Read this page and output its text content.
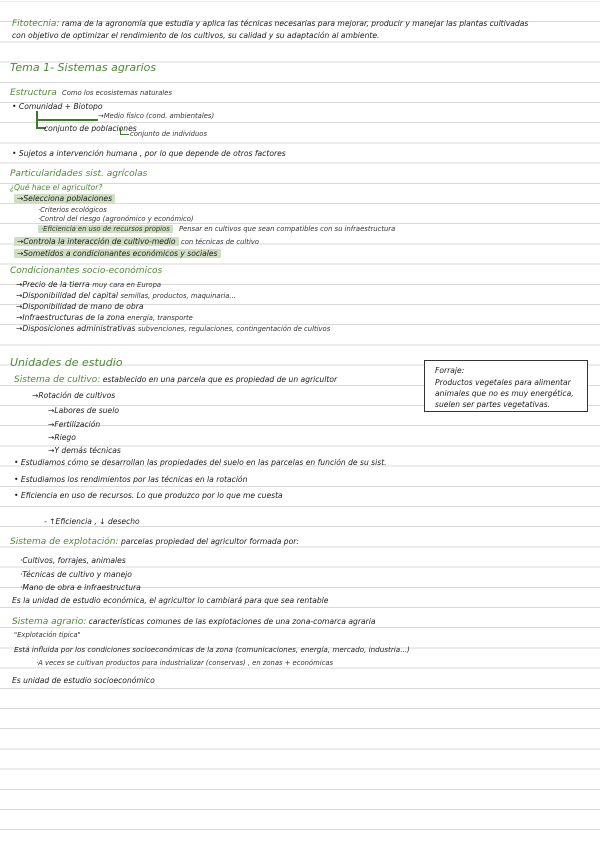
Fitotecnia: rama de la agronomía que estudia y aplica las técnicas necesarias para mejorar, producir y manejar las plantas cultivadas
con objetivo de optimizar el rendimiento de los cultivos, su calidad y su adaptación al ambiente.
Tema 1- Sistemas agrarios
Estructura Como los ecosistemas naturales
• Comunidad + Biotopo
→Medio físico (cond. ambientales)
conjunto de poblaciones
conjunto de individuos
• Sujetos a intervención humana , por lo que depende de otros factores
Particularidades sist. agrícolas
¿Qué hace el agricultor?
→Selecciona poblaciones
·Criterios ecológicos
·Control del riesgo (agronómico y económico)
·Eficiencia en uso de recursos propios Pensar en cultivos que sean compatibles con su infraestructura
→Controla la interacción de cultivo-medio con técnicas de cultivo
→Sometidos a condicionantes económicos y sociales
Condicionantes socio-económicos
→Precio de la tierra muy cara en Europa
→Disponibilidad del capital semillas, productos, maquinaria...
→Disponibilidad de mano de obra
→Infraestructuras de la zona energía, transporte
→Disposiciones administrativas subvenciones, regulaciones, contingentación de cultivos
Unidades de estudio
Sistema de cultivo: establecido en una parcela que es propiedad de un agricultor
→Rotación de cultivos
→Labores de suelo
→Fertilización
→Riego
→Y demás técnicas
• Estudiamos cómo se desarrollan las propiedades del suelo en las parcelas en función de su sist.
• Estudiamos los rendimientos por las técnicas en la rotación
• Eficiencia en uso de recursos. Lo que produzco por lo que me cuesta
- ↑Eficiencia , ↓ desecho
Forraje:
Productos vegetales para alimentar
animales que no es muy energética,
suelen ser partes vegetativas.
Sistema de explotación: parcelas propiedad del agricultor formada por:
·Cultivos, forrajes, animales
·Técnicas de cultivo y manejo
·Mano de obra e infraestructura
Es la unidad de estudio económica, el agricultor lo cambiará para que sea rentable
Sistema agrario: características comunes de las explotaciones de una zona-comarca agraria
"Explotación tipica"
Está influida por los condiciones socioeconómicas de la zona (comunicaciones, energía, mercado, industria...)
·A veces se cultivan productos para industrializar (conservas) , en zonas + económicas
Es unidad de estudio socioeconómico
